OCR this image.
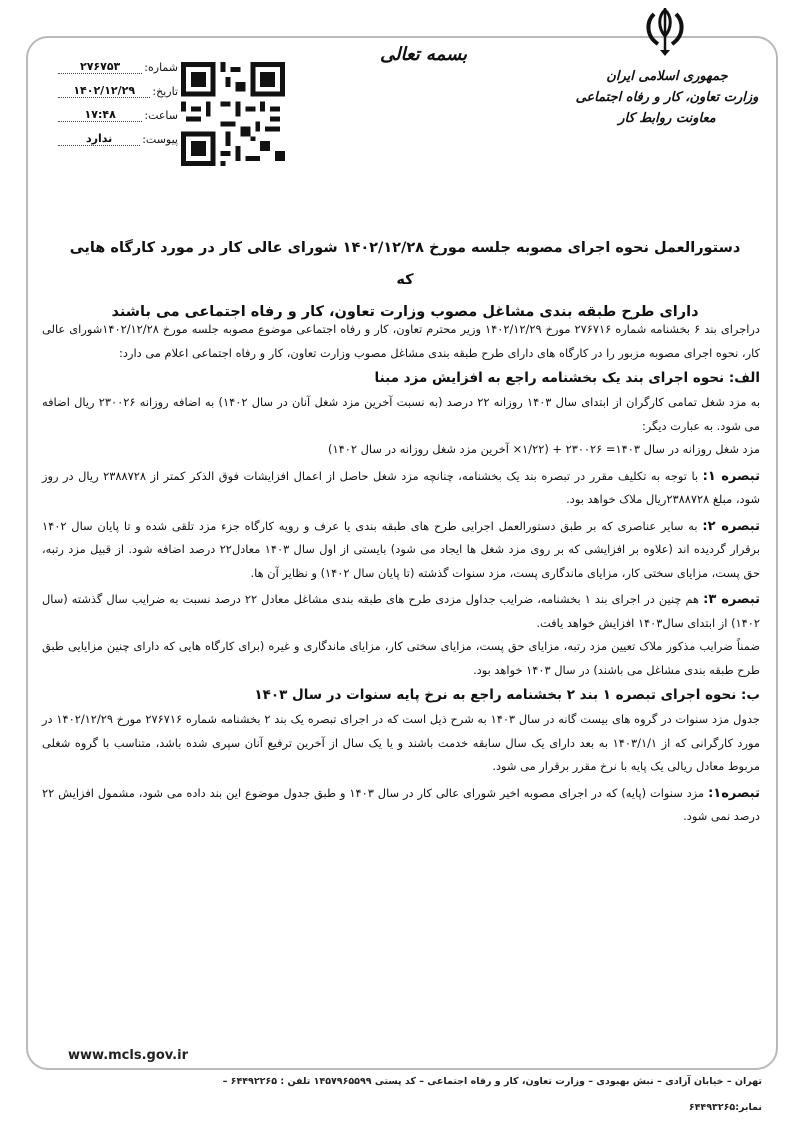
جمهوری اسلامی ایران
وزارت تعاون، کار و رفاه اجتماعی
معاونت روابط کار
بسمه تعالی
شماره:
۲۷۶۷۵۳
تاریخ:
۱۴۰۲/۱۲/۲۹
ساعت:
۱۷:۴۸
پیوست:
ندارد
دستورالعمل نحوه اجرای مصوبه جلسه مورخ ۱۴۰۲/۱۲/۲۸ شورای عالی کار در مورد کارگاه هایی که
دارای طرح طبقه بندی مشاغل مصوب وزارت تعاون، کار و رفاه اجتماعی می باشند

دراجرای بند ۶ بخشنامه شماره ۲۷۶۷۱۶ مورخ ۱۴۰۲/۱۲/۲۹ وزیر محترم تعاون، کار و رفاه اجتماعی موضوع مصوبه جلسه مورخ ۱۴۰۲/۱۲/۲۸شورای عالی کار، نحوه اجرای مصوبه مزبور را در کارگاه های دارای طرح طبقه بندی مشاغل مصوب وزارت تعاون، کار و رفاه اجتماعی اعلام می دارد:

الف: نحوه اجرای بند یک بخشنامه راجع به افزایش مزد مبنا

به مزد شغل تمامی کارگران از ابتدای سال ۱۴۰۳ روزانه ۲۲ درصد (به نسبت آخرین مزد شغل آنان در سال ۱۴۰۲) به اضافه روزانه ۲۳۰۰۲۶ ریال اضافه می شود. به عبارت دیگر:

مزد شغل روزانه در سال ۱۴۰۳= ۲۳۰۰۲۶ + (۱/۲۲× آخرین مزد شغل روزانه در سال ۱۴۰۲)

تبصره ۱: با توجه به تکلیف مقرر در تبصره بند یک بخشنامه، چنانچه مزد شغل حاصل از اعمال افزایشات فوق الذکر کمتر از ۲۳۸۸۷۲۸ ریال در روز شود، مبلغ ۲۳۸۸۷۲۸ریال ملاک خواهد بود.

تبصره ۲: به سایر عناصری که بر طبق دستورالعمل اجرایی طرح های طبقه بندی یا عرف و رویه کارگاه جزء مزد تلقی شده و تا پایان سال ۱۴۰۲ برقرار گردیده اند (علاوه بر افزایشی که بر روی مزد شغل ها ایجاد می شود) بایستی از اول سال ۱۴۰۳ معادل۲۲ درصد اضافه شود. از قبیل مزد رتبه، حق پست، مزایای سختی کار، مزایای ماندگاری پست، مزد سنوات گذشته (تا پایان سال ۱۴۰۲) و نظایر آن ها.

تبصره ۳: هم چنین در اجرای بند ۱ بخشنامه، ضرایب جداول مزدی طرح های طبقه بندی مشاغل معادل ۲۲ درصد نسبت به ضرایب سال گذشته (سال ۱۴۰۲) از ابتدای سال۱۴۰۳ افزایش خواهد یافت.

ضمناً ضرایب مذکور ملاک تعیین مزد رتبه، مزایای حق پست، مزایای سختی کار، مزایای ماندگاری و غیره (برای کارگاه هایی که دارای چنین مزایایی طبق طرح طبقه بندی مشاغل می باشند) در سال ۱۴۰۳ خواهد بود.

ب: نحوه اجرای تبصره ۱ بند ۲ بخشنامه راجع به نرخ پایه سنوات در سال ۱۴۰۳

جدول مزد سنوات در گروه های بیست گانه در سال ۱۴۰۳ به شرح ذیل است که در اجرای تبصره یک بند ۲ بخشنامه شماره ۲۷۶۷۱۶ مورخ ۱۴۰۲/۱۲/۲۹ در مورد کارگرانی که از ۱۴۰۳/۱/۱ به بعد دارای یک سال سابقه خدمت باشند و یا یک سال از آخرین ترفیع آنان سپری شده باشد، متناسب با گروه شغلی مربوط معادل ریالی یک پایه با نرخ مقرر برقرار می شود.

تبصره۱: مزد سنوات (پایه) که در اجرای مصوبه اخیر شورای عالی کار در سال ۱۴۰۳ و طبق جدول موضوع این بند داده می شود، مشمول افزایش ۲۲ درصد نمی شود.

www.mcls.gov.ir
تهران – خیابان آزادی – نبش بهبودی – وزارت تعاون، کار و رفاه اجتماعی – کد پستی ۱۴۵۷۹۶۵۵۹۹ تلفن : ۶۴۴۹۲۲۶۵ –
نمابر:۶۴۴۹۳۲۶۵
